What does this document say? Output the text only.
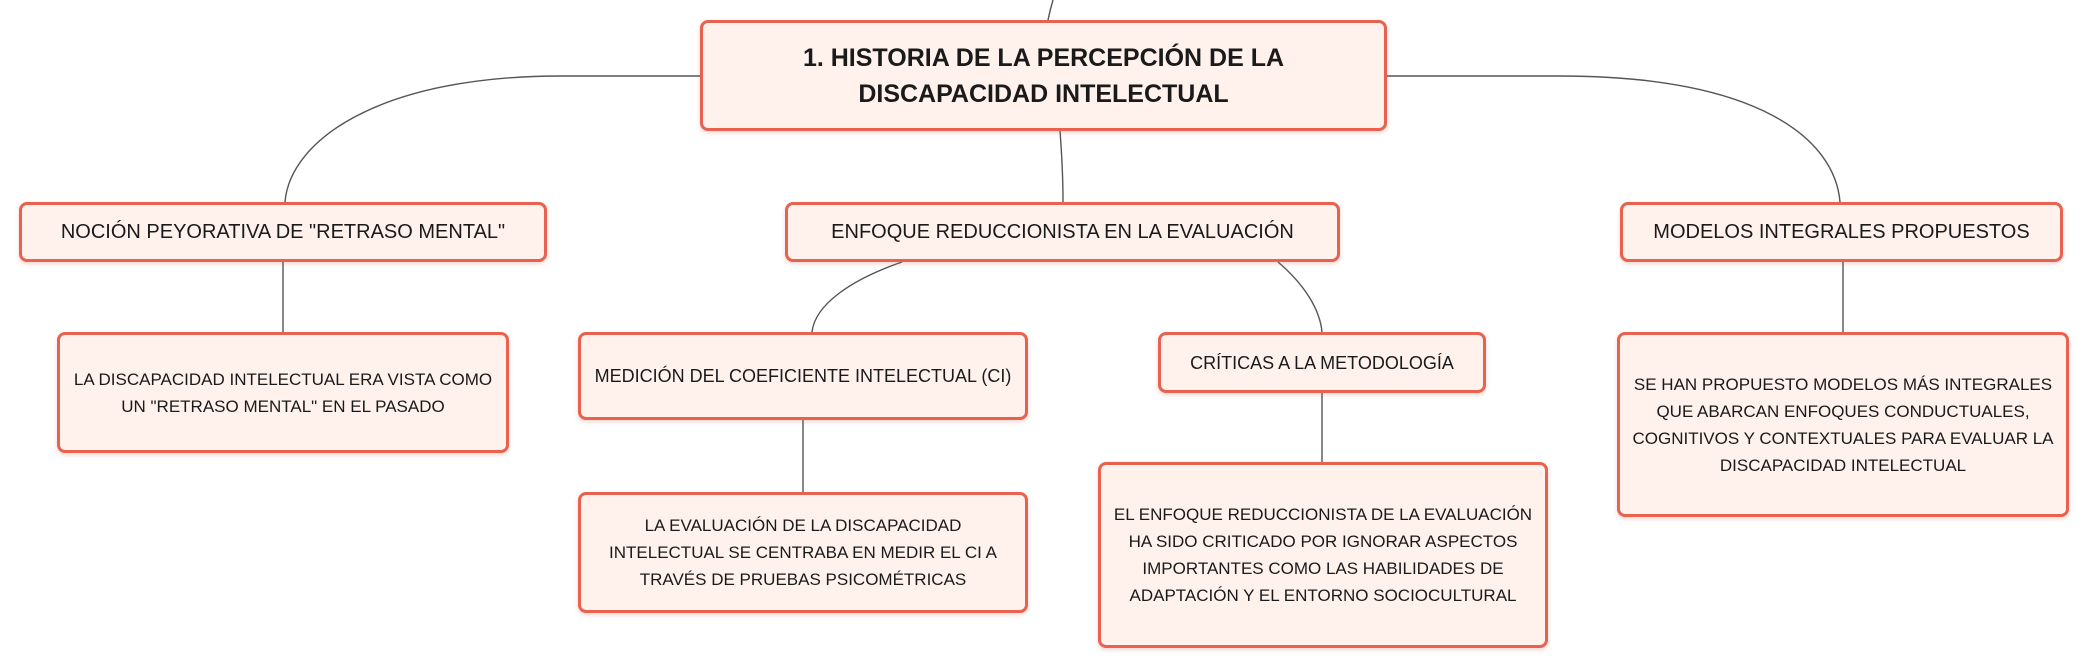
1. HISTORIA DE LA PERCEPCIÓN DE LA DISCAPACIDAD INTELECTUAL
NOCIÓN PEYORATIVA DE "RETRASO MENTAL"	ENFOQUE REDUCCIONISTA EN LA EVALUACIÓN	MODELOS INTEGRALES PROPUESTOS
LA DISCAPACIDAD INTELECTUAL ERA VISTA COMO UN "RETRASO MENTAL" EN EL PASADO
MEDICIÓN DEL COEFICIENTE INTELECTUAL (CI)
CRÍTICAS A LA METODOLOGÍA
LA EVALUACIÓN DE LA DISCAPACIDAD INTELECTUAL SE CENTRABA EN MEDIR EL CI A TRAVÉS DE PRUEBAS PSICOMÉTRICAS
EL ENFOQUE REDUCCIONISTA DE LA EVALUACIÓN HA SIDO CRITICADO POR IGNORAR ASPECTOS IMPORTANTES COMO LAS HABILIDADES DE ADAPTACIÓN Y EL ENTORNO SOCIOCULTURAL
SE HAN PROPUESTO MODELOS MÁS INTEGRALES QUE ABARCAN ENFOQUES CONDUCTUALES, COGNITIVOS Y CONTEXTUALES PARA EVALUAR LA DISCAPACIDAD INTELECTUAL
